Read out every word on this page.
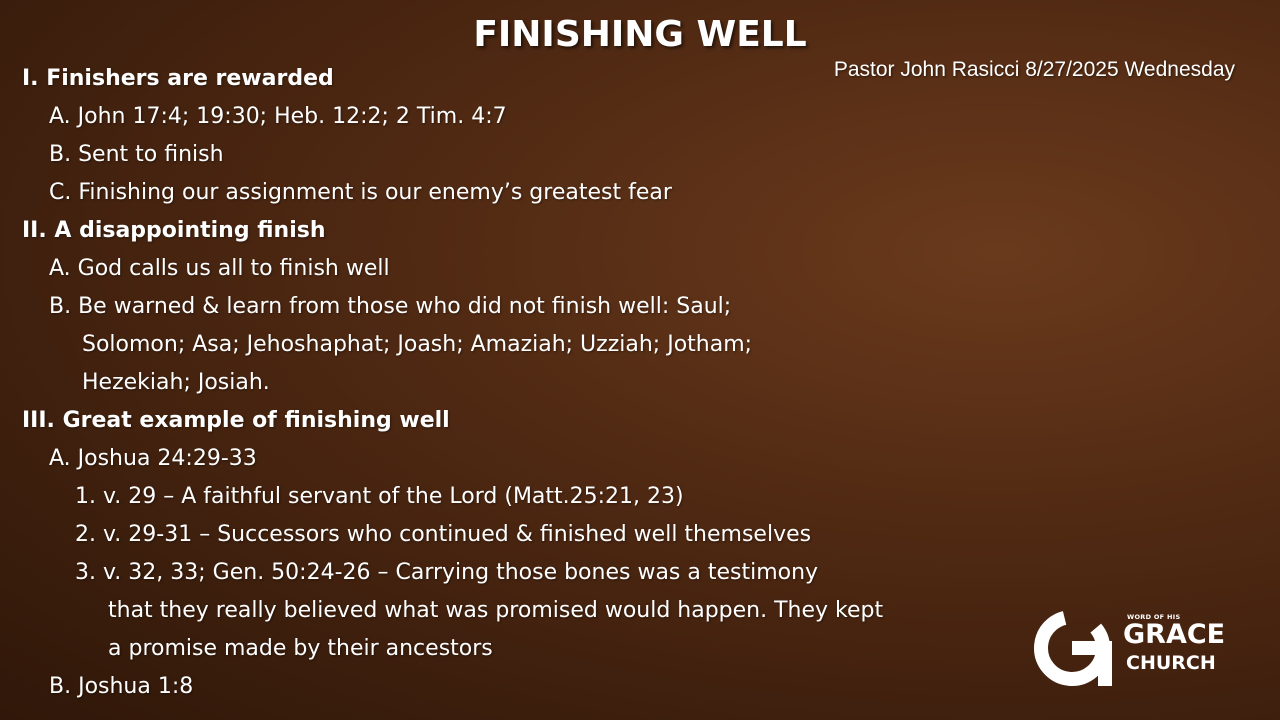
FINISHING WELL
Pastor John Rasicci 8/27/2025 Wednesday
I. Finishers are rewarded
A. John 17:4; 19:30; Heb. 12:2; 2 Tim. 4:7
B. Sent to finish
C. Finishing our assignment is our enemy’s greatest fear
II. A disappointing finish
A. God calls us all to finish well
B. Be warned & learn from those who did not finish well: Saul;
Solomon; Asa; Jehoshaphat; Joash; Amaziah; Uzziah; Jotham;
Hezekiah; Josiah.
III. Great example of finishing well
A. Joshua 24:29-33
1. v. 29 – A faithful servant of the Lord (Matt.25:21, 23)
2. v. 29-31 – Successors who continued & finished well themselves
3. v. 32, 33; Gen. 50:24-26 – Carrying those bones was a testimony
that they really believed what was promised would happen. They kept
a promise made by their ancestors
B. Joshua 1:8
WORD OF HIS
GRACE
CHURCH
